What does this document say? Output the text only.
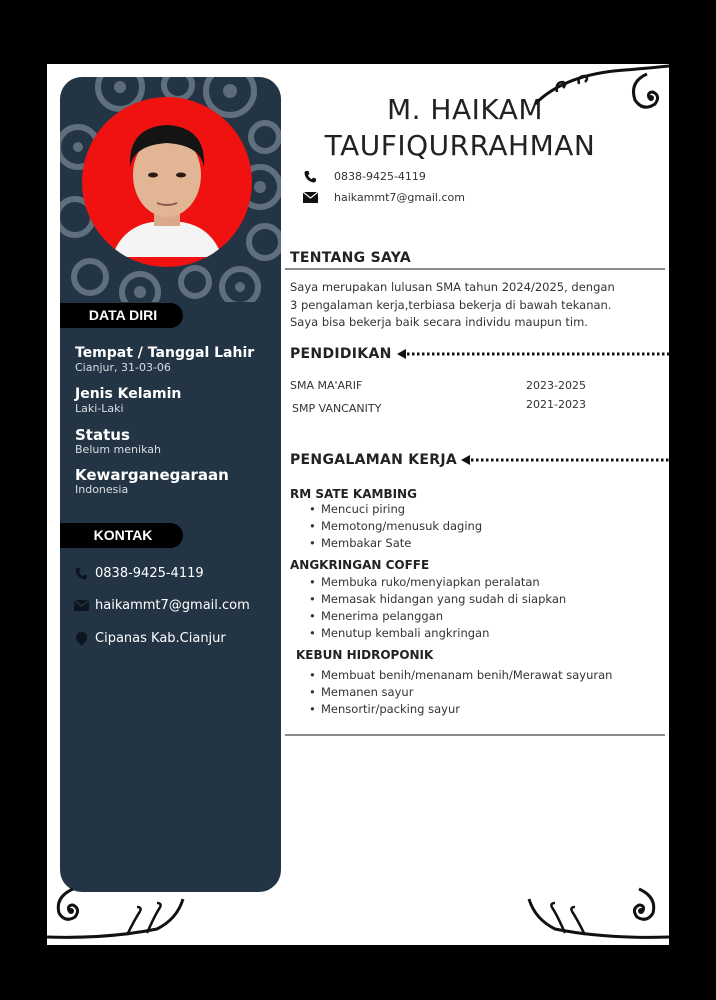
DATA DIRI
Tempat / Tanggal Lahir
Cianjur, 31-03-06
Jenis Kelamin
Laki-Laki
Status
Belum menikah
Kewarganegaraan
Indonesia
KONTAK
0838-9425-4119
haikammt7@gmail.com
Cipanas Kab.Cianjur
M. HAIKAM
TAUFIQURRAHMAN
0838-9425-4119
haikammt7@gmail.com
TENTANG SAYA
Saya merupakan lulusan SMA tahun 2024/2025, dengan
3 pengalaman kerja,terbiasa bekerja di bawah tekanan.
Saya bisa bekerja baik secara individu maupun tim.
PENDIDIKAN
SMA MA'ARIF	2023-2025
SMP VANCANITY	2021-2023
PENGALAMAN KERJA
RM SATE KAMBING
• Mencuci piring
• Memotong/menusuk daging
• Membakar Sate
ANGKRINGAN COFFE
• Membuka ruko/menyiapkan peralatan
• Memasak hidangan yang sudah di siapkan
• Menerima pelanggan
• Menutup kembali angkringan
KEBUN HIDROPONIK
• Membuat benih/menanam benih/Merawat sayuran
• Memanen sayur
• Mensortir/packing sayur
